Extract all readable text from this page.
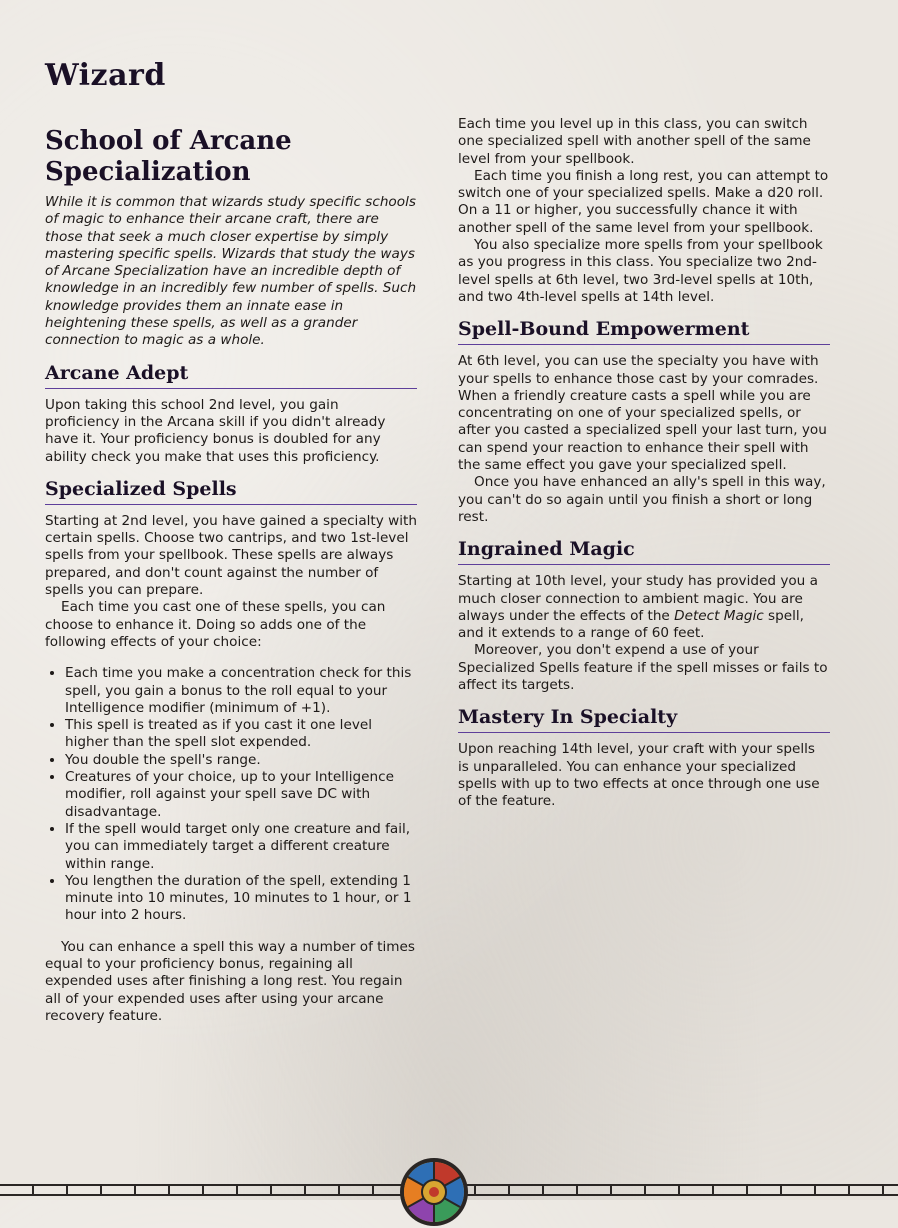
Wizard
School of Arcane
Specialization

While it is common that wizards study specific schools of magic to enhance their arcane craft, there are those that seek a much closer expertise by simply mastering specific spells. Wizards that study the ways of Arcane Specialization have an incredible depth of knowledge in an incredibly few number of spells. Such knowledge provides them an innate ease in heightening these spells, as well as a grander connection to magic as a whole.

Arcane Adept

Upon taking this school 2nd level, you gain proficiency in the Arcana skill if you didn't already have it. Your proficiency bonus is doubled for any ability check you make that uses this proficiency.

Specialized Spells

Starting at 2nd level, you have gained a specialty with certain spells. Choose two cantrips, and two 1st-level spells from your spellbook. These spells are always prepared, and don't count against the number of spells you can prepare.

Each time you cast one of these spells, you can choose to enhance it. Doing so adds one of the following effects of your choice:

• Each time you make a concentration check for this spell, you gain a bonus to the roll equal to your Intelligence modifier (minimum of +1).
• This spell is treated as if you cast it one level higher than the spell slot expended.
• You double the spell's range.
• Creatures of your choice, up to your Intelligence modifier, roll against your spell save DC with disadvantage.
• If the spell would target only one creature and fail, you can immediately target a different creature within range.
• You lengthen the duration of the spell, extending 1 minute into 10 minutes, 10 minutes to 1 hour, or 1 hour into 2 hours.

You can enhance a spell this way a number of times equal to your proficiency bonus, regaining all expended uses after finishing a long rest. You regain all of your expended uses after using your arcane recovery feature.

Each time you level up in this class, you can switch one specialized spell with another spell of the same level from your spellbook.

Each time you finish a long rest, you can attempt to switch one of your specialized spells. Make a d20 roll. On a 11 or higher, you successfully chance it with another spell of the same level from your spellbook.

You also specialize more spells from your spellbook as you progress in this class. You specialize two 2nd-level spells at 6th level, two 3rd-level spells at 10th, and two 4th-level spells at 14th level.

Spell-Bound Empowerment

At 6th level, you can use the specialty you have with your spells to enhance those cast by your comrades. When a friendly creature casts a spell while you are concentrating on one of your specialized spells, or after you casted a specialized spell your last turn, you can spend your reaction to enhance their spell with the same effect you gave your specialized spell.

Once you have enhanced an ally's spell in this way, you can't do so again until you finish a short or long rest.

Ingrained Magic

Starting at 10th level, your study has provided you a much closer connection to ambient magic. You are always under the effects of the Detect Magic spell, and it extends to a range of 60 feet.

Moreover, you don't expend a use of your Specialized Spells feature if the spell misses or fails to affect its targets.

Mastery In Specialty

Upon reaching 14th level, your craft with your spells is unparalleled. You can enhance your specialized spells with up to two effects at once through one use of the feature.
